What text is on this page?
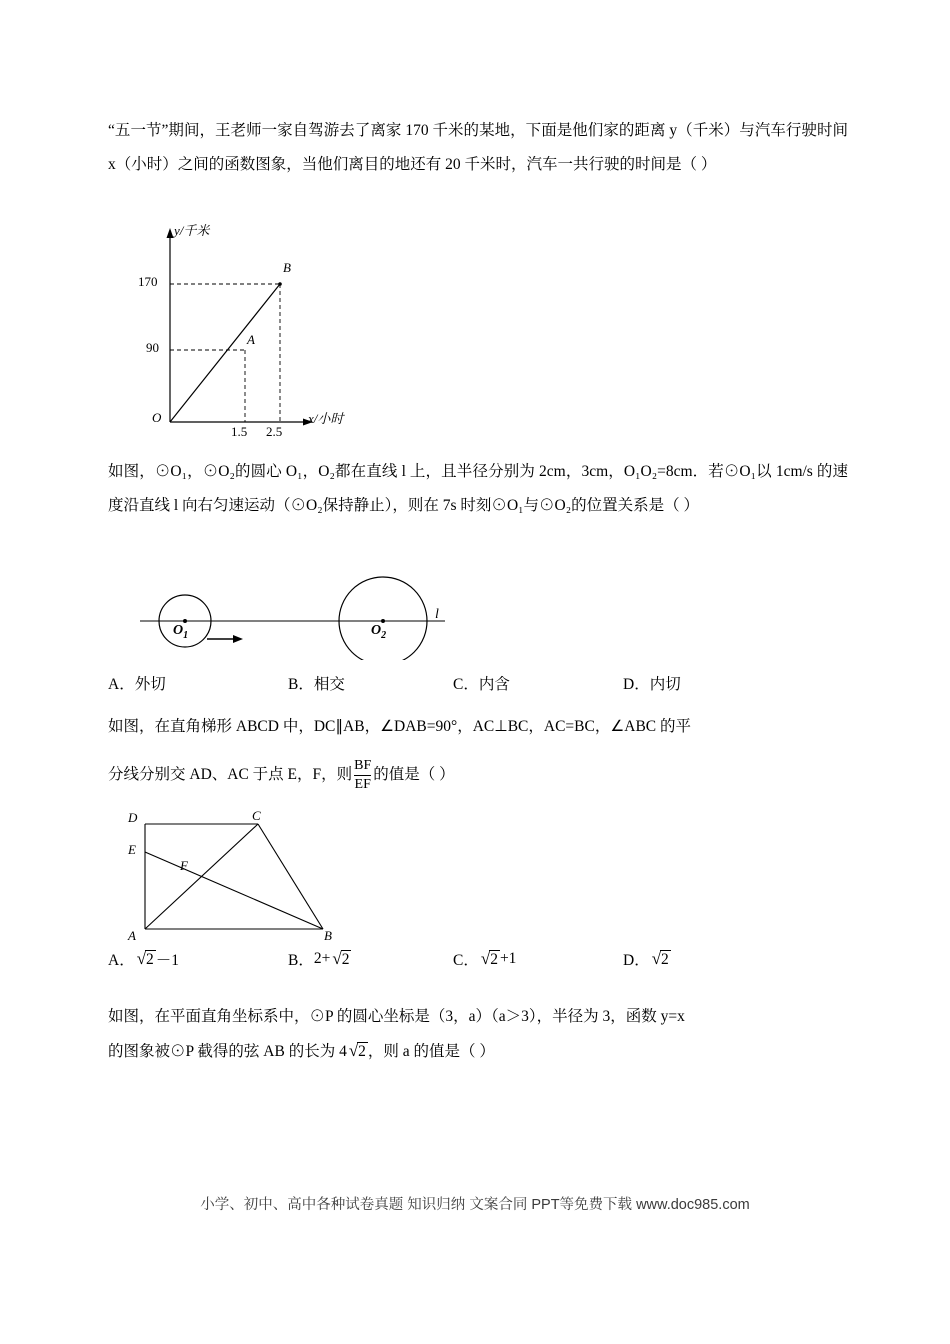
“五一节”期间，王老师一家自驾游去了离家 170 千米的某地，下面是他们家的距离 y（千米）与汽车行驶时间 x（小时）之间的函数图象，当他们离目的地还有 20 千米时，汽车一共行驶的时间是（ ）
y/千米
x/小时
O
B
A
170
90
1.5 2.5
如图，⊙O₁，⊙O₂的圆心 O₁，O₂都在直线 l 上，且半径分别为 2cm，3cm，O₁O₂=8cm．若⊙O₁以 1cm/s 的速度沿直线 l 向右匀速运动（⊙O₂保持静止），则在 7s 时刻⊙O₁与⊙O₂的位置关系是（ ）
$O_1$	$O_2$
l
A． 外切	B． 相交	C． 内含	D． 内切
如图，在直角梯形 ABCD 中，DC∥AB，∠DAB=90°，AC⊥BC，AC=BC，∠ABC 的平
分线分别交 AD、AC 于点 E，F，则 $\frac{BF}{EF}$ 的值是（ ）
D	C
E
F
A	B
A． √2 －1	B． 2+ √2	C． √2 +1	D． √2
如图，在平面直角坐标系中，⊙P 的圆心坐标是（3，a）（a＞3），半径为 3，函数 y=x
的图象被⊙P 截得的弦 AB 的长为 4 √2 ，则 a 的值是（ ）
小学、初中、高中各种试卷真题 知识归纳 文案合同 PPT等免费下载 www.doc985.com
